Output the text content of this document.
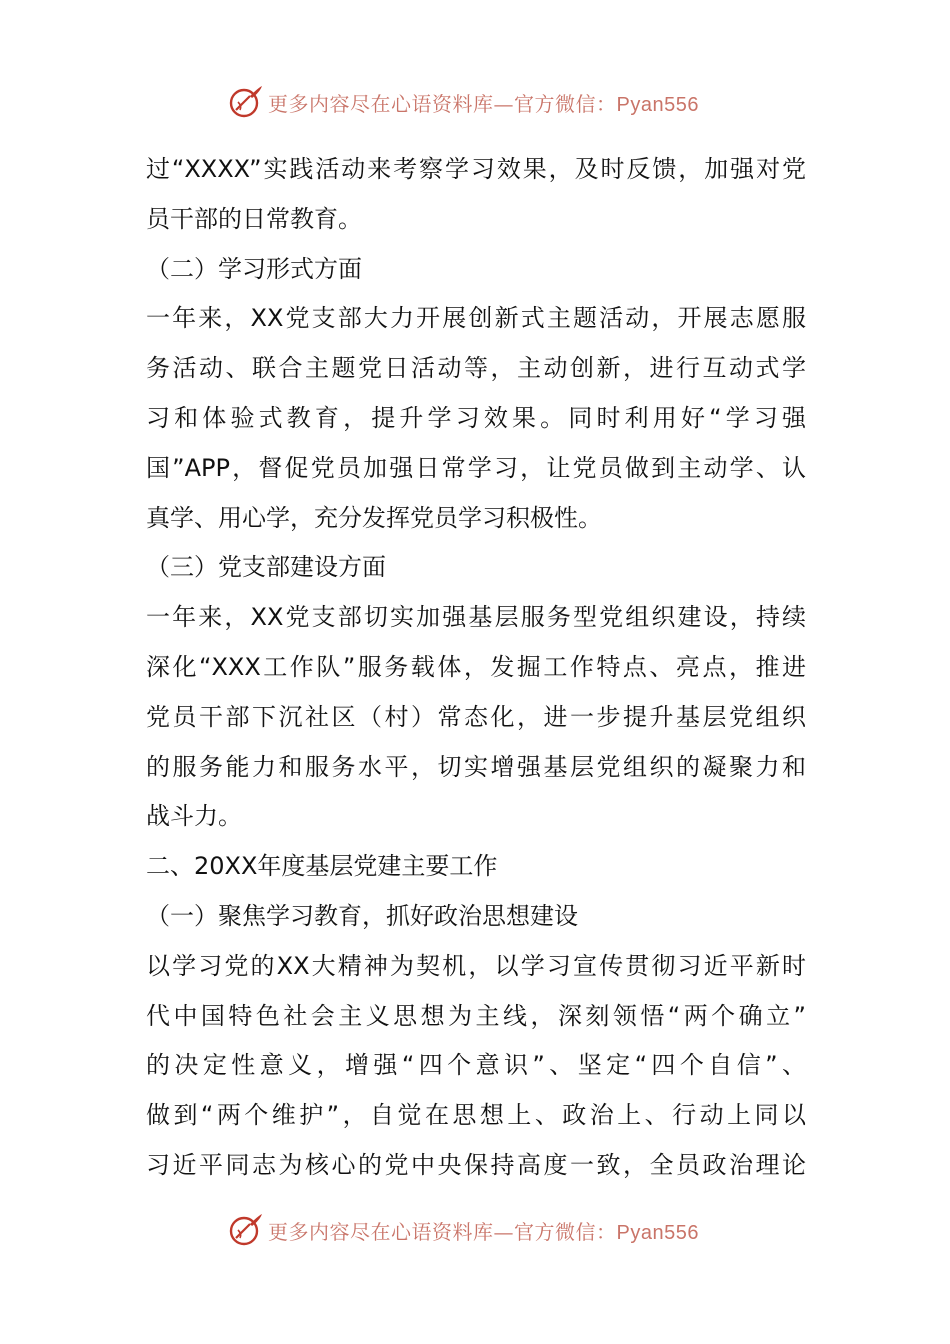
更多内容尽在心语资料库—官方微信：Pyan556
过“XXXX”实践活动来考察学习效果，及时反馈，加强对党
员干部的日常教育。
（二）学习形式方面
一年来，XX党支部大力开展创新式主题活动，开展志愿服
务活动、联合主题党日活动等，主动创新，进行互动式学
习和体验式教育，提升学习效果。同时利用好“学习强
国”APP，督促党员加强日常学习，让党员做到主动学、认
真学、用心学，充分发挥党员学习积极性。
（三）党支部建设方面
一年来，XX党支部切实加强基层服务型党组织建设，持续
深化“XXX工作队”服务载体，发掘工作特点、亮点，推进
党员干部下沉社区（村）常态化，进一步提升基层党组织
的服务能力和服务水平，切实增强基层党组织的凝聚力和
战斗力。
二、20XX年度基层党建主要工作
（一）聚焦学习教育，抓好政治思想建设
以学习党的XX大精神为契机，以学习宣传贯彻习近平新时
代中国特色社会主义思想为主线，深刻领悟“两个确立”
的决定性意义，增强“四个意识”、坚定“四个自信”、
做到“两个维护”，自觉在思想上、政治上、行动上同以
习近平同志为核心的党中央保持高度一致，全员政治理论
更多内容尽在心语资料库—官方微信：Pyan556
